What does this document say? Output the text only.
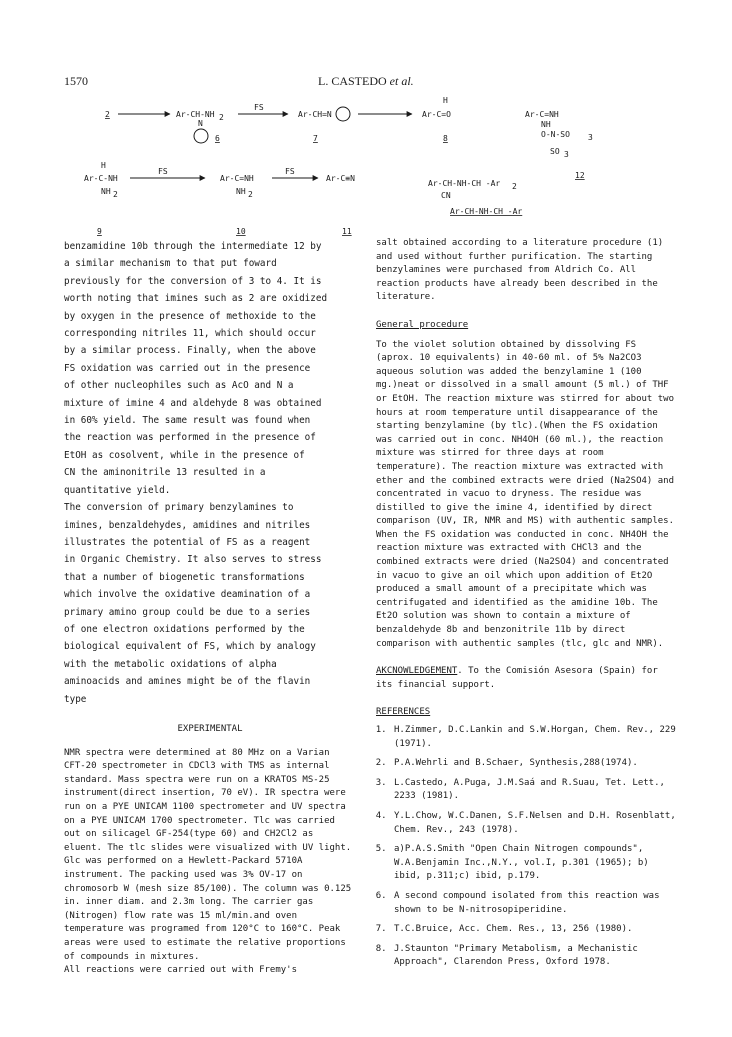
1570	L. CASTEDO et al.
2	Ar-CH-NH 2
N
6
FS
Ar-CH=N
7
H
Ar-C=O
8
Ar-C=NH
NH
O-N-SO 3
SO 3
12
H
Ar-C-NH
NH 2
9
FS
Ar-C=NH
NH 2
10
FS
Ar-C≡N
11
Ar-CH-NH-CH -Ar 2
CN
Ar-CH-NH-CH -Ar

benzamidine 10b through the intermediate 12 by

a similar mechanism to that put foward

previously for the conversion of 3 to 4. It is

worth noting that imines such as 2 are oxidized

by oxygen in the presence of methoxide to the

corresponding nitriles 11, which should occur

by a similar process. Finally, when the above

FS oxidation was carried out in the presence

of other nucleophiles such as AcO and N a

mixture of imine 4 and aldehyde 8 was obtained

in 60% yield. The same result was found when

the reaction was performed in the presence of

EtOH as cosolvent, while in the presence of

CN the aminonitrile 13 resulted in a

quantitative yield.

The conversion of primary benzylamines to

imines, benzaldehydes, amidines and nitriles

illustrates the potential of FS as a reagent

in Organic Chemistry. It also serves to stress

that a number of biogenetic transformations

which involve the oxidative deamination of a

primary amino group could be due to a series

of one electron oxidations performed by the

biological equivalent of FS, which by analogy

with the metabolic oxidations of alpha

aminoacids and amines might be of the flavin

type

EXPERIMENTAL

NMR spectra were determined at 80 MHz on a Varian CFT-20 spectrometer in CDCl3 with TMS as internal standard. Mass spectra were run on a KRATOS MS-25 instrument(direct insertion, 70 eV). IR spectra were run on a PYE UNICAM 1100 spectrometer and UV spectra on a PYE UNICAM 1700 spectrometer. Tlc was carried out on silicagel GF-254(type 60) and CH2Cl2 as eluent. The tlc slides were visualized with UV light. Glc was performed on a Hewlett-Packard 5710A instrument. The packing used was 3% OV-17 on chromosorb W (mesh size 85/100). The column was 0.125 in. inner diam. and 2.3m long. The carrier gas (Nitrogen) flow rate was 15 ml/min.and oven temperature was programed from 120°C to 160°C. Peak areas were used to estimate the relative proportions of compounds in mixtures.

All reactions were carried out with Fremy's

salt obtained according to a literature procedure (1) and used without further purification. The starting benzylamines were purchased from Aldrich Co. All reaction products have already been described in the literature.

General procedure

To the violet solution obtained by dissolving FS (aprox. 10 equivalents) in 40-60 ml. of 5% Na2CO3 aqueous solution was added the benzylamine 1 (100 mg.)neat or dissolved in a small amount (5 ml.) of THF or EtOH. The reaction mixture was stirred for about two hours at room temperature until disappearance of the starting benzylamine (by tlc).(When the FS oxidation was carried out in conc. NH4OH (60 ml.), the reaction mixture was stirred for three days at room temperature). The reaction mixture was extracted with ether and the combined extracts were dried (Na2SO4) and concentrated in vacuo to dryness. The residue was distilled to give the imine 4, identified by direct comparison (UV, IR, NMR and MS) with authentic samples. When the FS oxidation was conducted in conc. NH4OH the reaction mixture was extracted with CHCl3 and the combined extracts were dried (Na2SO4) and concentrated in vacuo to give an oil which upon addition of Et2O produced a small amount of a precipitate which was centrifugated and identified as the amidine 10b. The Et2O solution was shown to contain a mixture of benzaldehyde 8b and benzonitrile 11b by direct comparison with authentic samples (tlc, glc and NMR).

AKCNOWLEDGEMENT. To the Comisión Asesora (Spain) for its financial support.

REFERENCES

1. H.Zimmer, D.C.Lankin and S.W.Horgan, Chem. Rev., 229 (1971).
2. P.A.Wehrli and B.Schaer, Synthesis,288(1974).
3. L.Castedo, A.Puga, J.M.Saá and R.Suau, Tet. Lett., 2233 (1981).
4. Y.L.Chow, W.C.Danen, S.F.Nelsen and D.H. Rosenblatt, Chem. Rev., 243 (1978).
5. a)P.A.S.Smith "Open Chain Nitrogen compounds", W.A.Benjamin Inc.,N.Y., vol.I, p.301 (1965); b) ibid, p.311;c) ibid, p.179.
6. A second compound isolated from this reaction was shown to be N-nitrosopiperidine.
7. T.C.Bruice, Acc. Chem. Res., 13, 256 (1980).
8. J.Staunton "Primary Metabolism, a Mechanistic Approach", Clarendon Press, Oxford 1978.
